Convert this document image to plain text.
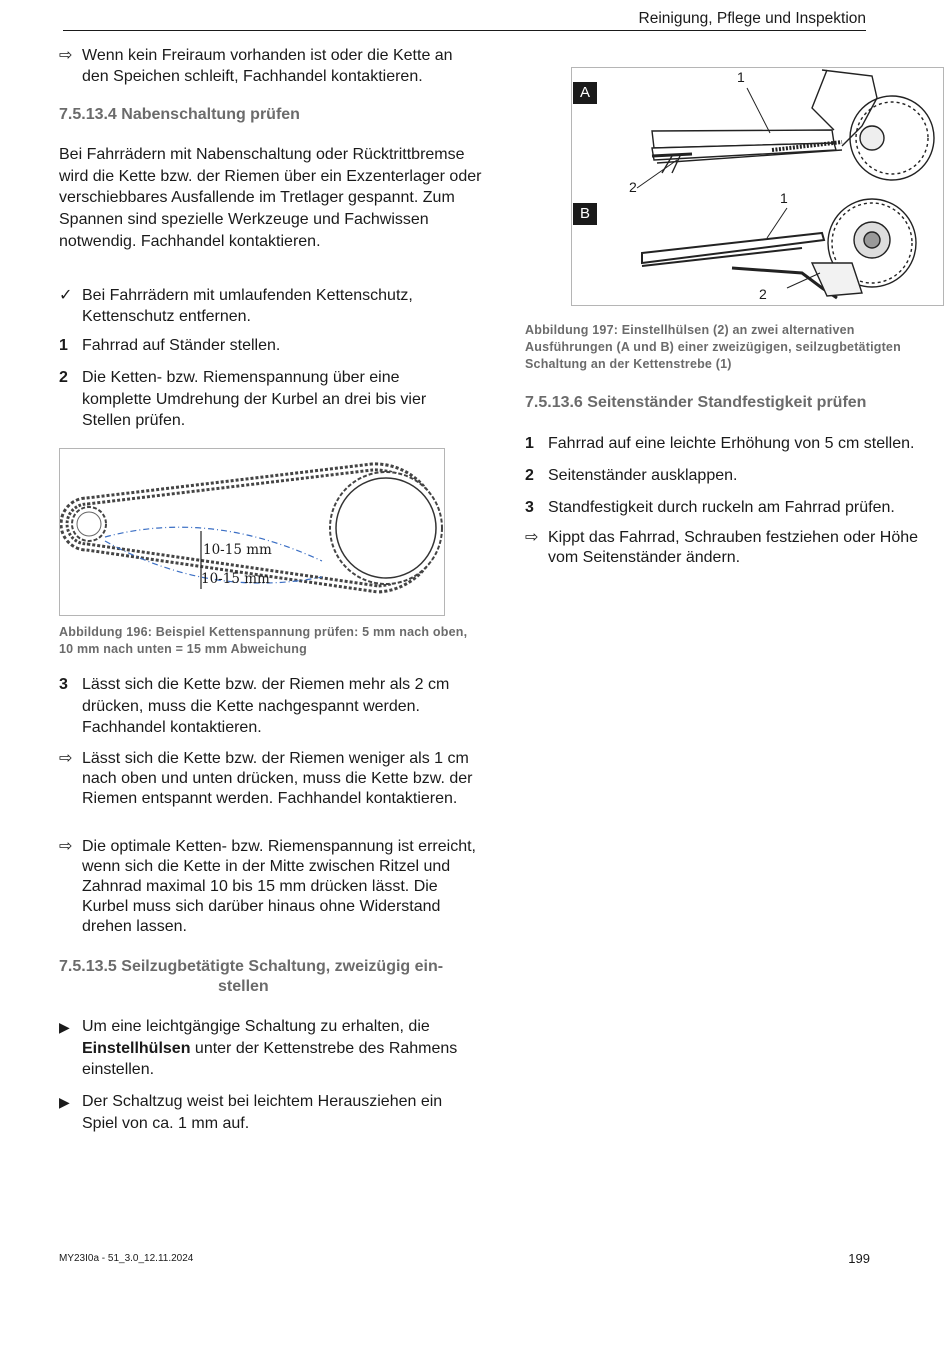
Reinigung, Pflege und Inspektion
⇨ Wenn kein Freiraum vorhanden ist oder die Kette an den Speichen schleift, Fachhandel kontaktieren.
7.5.13.4 Nabenschaltung prüfen
Bei Fahrrädern mit Nabenschaltung oder Rücktrittbremse wird die Kette bzw. der Riemen über ein Exzenterlager oder verschiebbares Ausfallende im Tretlager gespannt. Zum Spannen sind spezielle Werkzeuge und Fachwissen notwendig. Fachhandel kontaktieren.
✓ Bei Fahrrädern mit umlaufenden Kettenschutz, Kettenschutz entfernen.
1 Fahrrad auf Ständer stellen.
2 Die Ketten- bzw. Riemenspannung über eine komplette Umdrehung der Kurbel an drei bis vier Stellen prüfen.
10-15 mm
10-15 mm
Abbildung 196: Beispiel Kettenspannung prüfen: 5 mm nach oben, 10 mm nach unten = 15 mm Abweichung
3 Lässt sich die Kette bzw. der Riemen mehr als 2 cm drücken, muss die Kette nachgespannt werden. Fachhandel kontaktieren.
⇨ Lässt sich die Kette bzw. der Riemen weniger als 1 cm nach oben und unten drücken, muss die Kette bzw. der Riemen entspannt werden. Fachhandel kontaktieren.
⇨ Die optimale Ketten- bzw. Riemenspannung ist erreicht, wenn sich die Kette in der Mitte zwischen Ritzel und Zahnrad maximal 10 bis 15 mm drücken lässt. Die Kurbel muss sich darüber hinaus ohne Widerstand drehen lassen.
7.5.13.5 Seilzugbetätigte Schaltung, zweizügig ein-
stellen
▶ Um eine leichtgängige Schaltung zu erhalten, die Einstellhülsen unter der Kettenstrebe des Rahmens einstellen.
▶ Der Schaltzug weist bei leichtem Herausziehen ein Spiel von ca. 1 mm auf.
A
B
1
2
1
2
Abbildung 197: Einstellhülsen (2) an zwei alternativen Ausführungen (A und B) einer zweizügigen, seilzugbetätigten Schaltung an der Kettenstrebe (1)
7.5.13.6 Seitenständer Standfestigkeit prüfen
1 Fahrrad auf eine leichte Erhöhung von 5 cm stellen.
2 Seitenständer ausklappen.
3 Standfestigkeit durch ruckeln am Fahrrad prüfen.
⇨ Kippt das Fahrrad, Schrauben festziehen oder Höhe vom Seitenständer ändern.
MY23I0a - 51_3.0_12.11.2024	199
